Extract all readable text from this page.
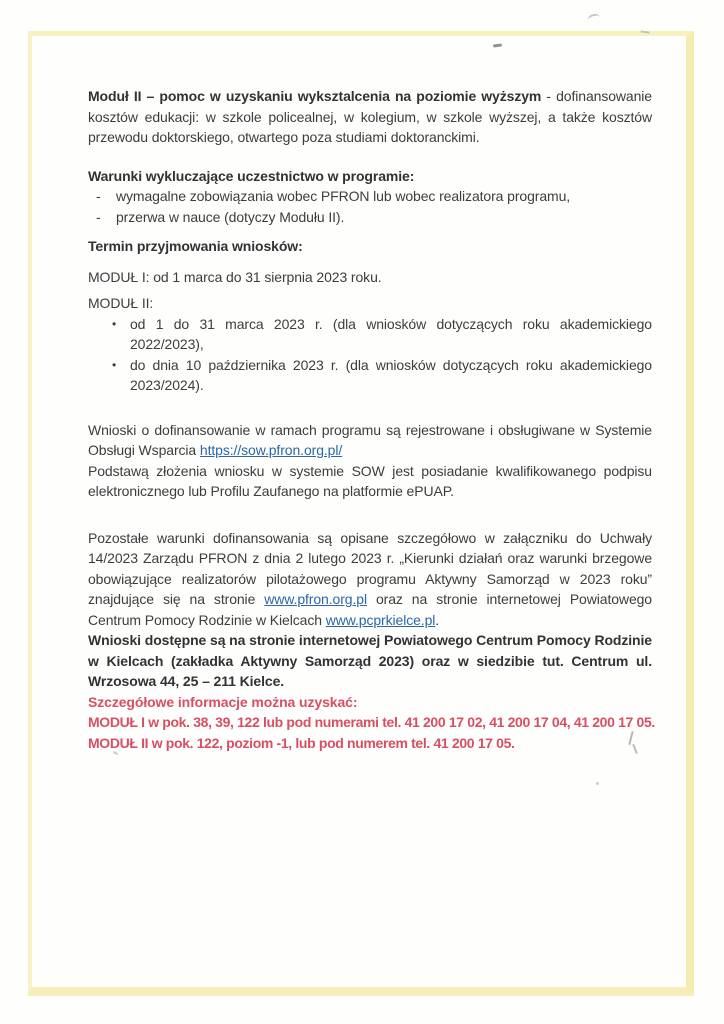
Moduł II – pomoc w uzyskaniu wyksztalcenia na poziomie wyższym - dofinansowanie kosztów edukacji: w szkole policealnej, w kolegium, w szkole wyższej, a także kosztów przewodu doktorskiego, otwartego poza studiami doktoranckimi.

Warunki wykluczające uczestnictwo w programie:

-	wymagalne zobowiązania wobec PFRON lub wobec realizatora programu,
-	przerwa w nauce (dotyczy Modułu II).

Termin przyjmowania wniosków:

MODUŁ I: od 1 marca do 31 sierpnia 2023 roku.

MODUŁ II:

• od 1 do 31 marca 2023 r. (dla wniosków dotyczących roku akademickiego 2022/2023),
• do dnia 10 października 2023 r. (dla wniosków dotyczących roku akademickiego 2023/2024).

Wnioski o dofinansowanie w ramach programu są rejestrowane i obsługiwane w Systemie Obsługi Wsparcia https://sow.pfron.org.pl/

Podstawą złożenia wniosku w systemie SOW jest posiadanie kwalifikowanego podpisu elektronicznego lub Profilu Zaufanego na platformie ePUAP.

Pozostałe warunki dofinansowania są opisane szczegółowo w załączniku do Uchwały 14/2023 Zarządu PFRON z dnia 2 lutego 2023 r. „Kierunki działań oraz warunki brzegowe obowiązujące realizatorów pilotażowego programu Aktywny Samorząd w 2023 roku” znajdujące się na stronie www.pfron.org.pl oraz na stronie internetowej Powiatowego Centrum Pomocy Rodzinie w Kielcach www.pcprkielce.pl.

Wnioski dostępne są na stronie internetowej Powiatowego Centrum Pomocy Rodzinie w Kielcach (zakładka Aktywny Samorząd 2023) oraz w siedzibie tut. Centrum ul. Wrzosowa 44, 25 – 211 Kielce.

Szczegółowe informacje można uzyskać:

MODUŁ I w pok. 38, 39, 122 lub pod numerami tel. 41 200 17 02, 41 200 17 04, 41 200 17 05.

MODUŁ II w pok. 122, poziom -1, lub pod numerem tel. 41 200 17 05.
